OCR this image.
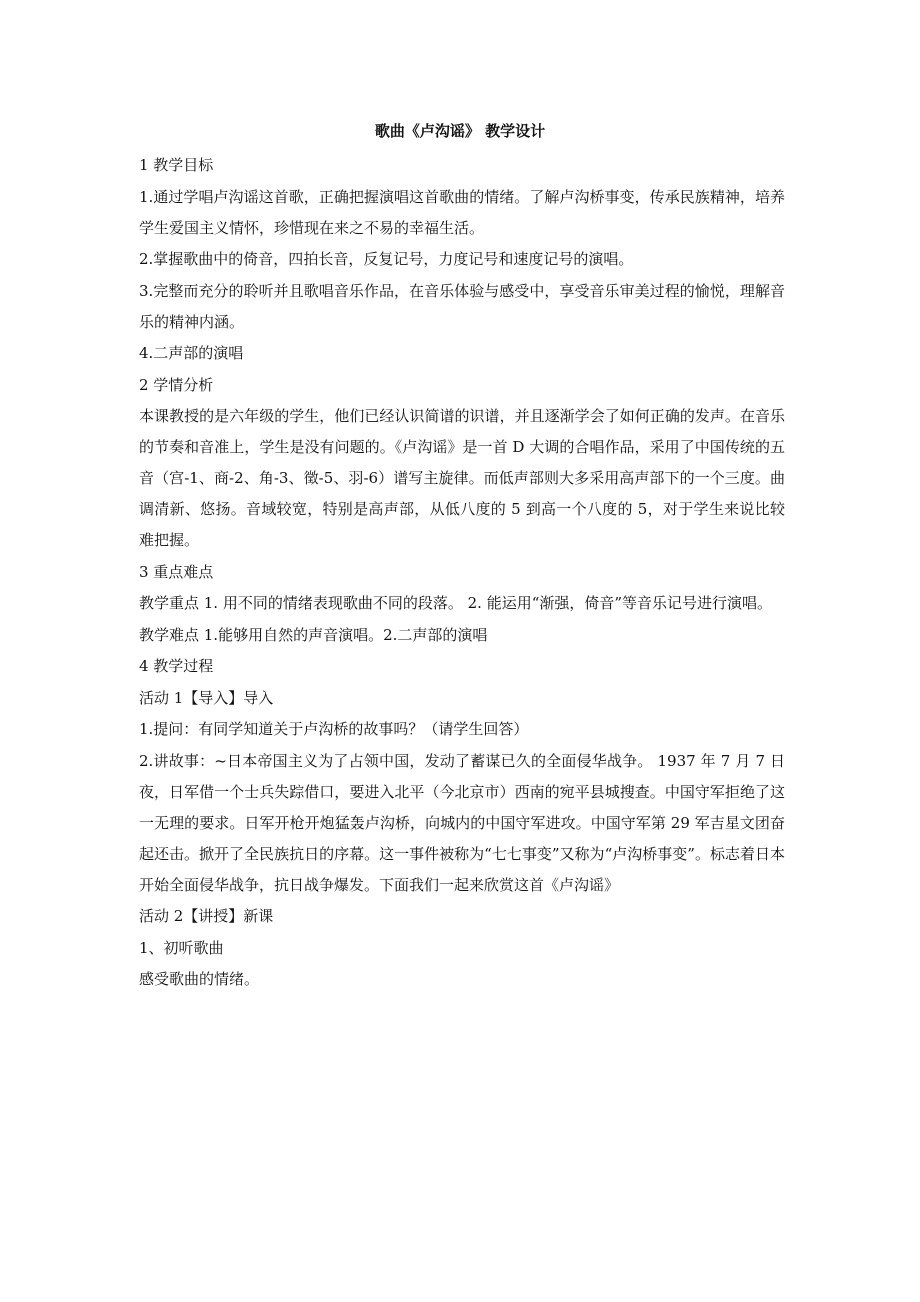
歌曲《卢沟谣》 教学设计

1 教学目标

1.通过学唱卢沟谣这首歌，正确把握演唱这首歌曲的情绪。了解卢沟桥事变，传承民族精神，培养学生爱国主义情怀，珍惜现在来之不易的幸福生活。

2.掌握歌曲中的倚音，四拍长音，反复记号，力度记号和速度记号的演唱。

3.完整而充分的聆听并且歌唱音乐作品，在音乐体验与感受中，享受音乐审美过程的愉悦，理解音乐的精神内涵。

4.二声部的演唱

2 学情分析

本课教授的是六年级的学生，他们已经认识简谱的识谱，并且逐渐学会了如何正确的发声。在音乐的节奏和音准上，学生是没有问题的。《卢沟谣》是一首 D 大调的合唱作品，采用了中国传统的五音（宫-1、商-2、角-3、徵-5、羽-6）谱写主旋律。而低声部则大多采用高声部下的一个三度。曲调清新、悠扬。音域较宽，特别是高声部，从低八度的 5 到高一个八度的 5，对于学生来说比较难把握。

3 重点难点

教学重点 1. 用不同的情绪表现歌曲不同的段落。 2. 能运用“渐强，倚音”等音乐记号进行演唱。

教学难点 1.能够用自然的声音演唱。2.二声部的演唱

4 教学过程

活动 1【导入】导入

1.提问：有同学知道关于卢沟桥的故事吗？（请学生回答）

2.讲故事：~日本帝国主义为了占领中国，发动了蓄谋已久的全面侵华战争。 1937 年 7 月 7 日夜，日军借一个士兵失踪借口，要进入北平（今北京市）西南的宛平县城搜查。中国守军拒绝了这一无理的要求。日军开枪开炮猛轰卢沟桥，向城内的中国守军进攻。中国守军第 29 军吉星文团奋起还击。掀开了全民族抗日的序幕。这一事件被称为“七七事变”又称为“卢沟桥事变”。标志着日本开始全面侵华战争，抗日战争爆发。下面我们一起来欣赏这首《卢沟谣》

活动 2【讲授】新课

1、初听歌曲

感受歌曲的情绪。
